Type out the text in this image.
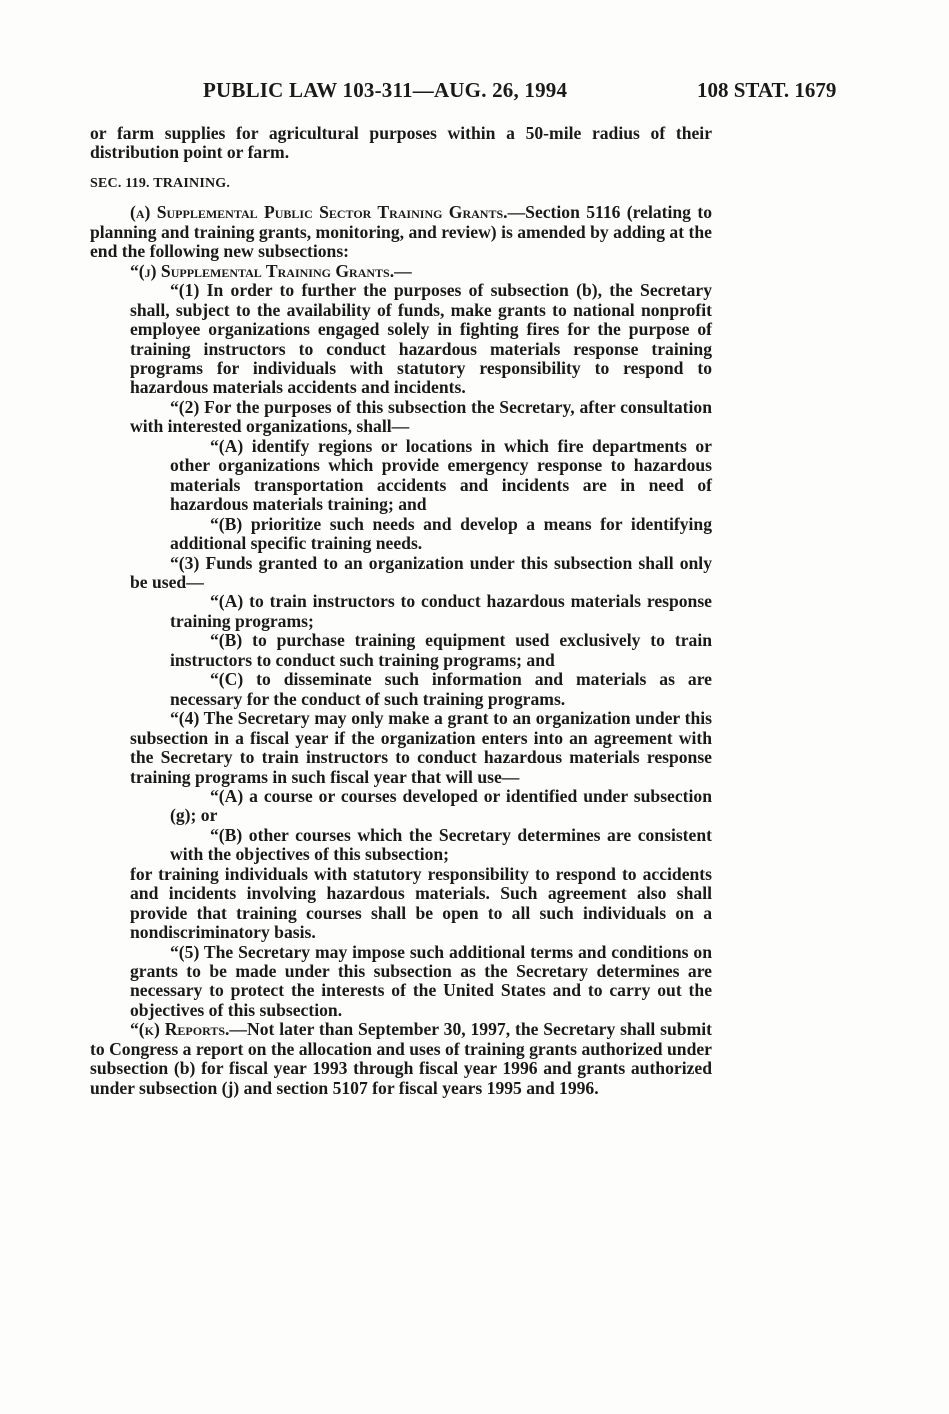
PUBLIC LAW 103-311—AUG. 26, 1994	108 STAT. 1679

or farm supplies for agricultural purposes within a 50-mile radius of their distribution point or farm.

SEC. 119. TRAINING.

(a) Supplemental Public Sector Training Grants.—Section 5116 (relating to planning and training grants, monitoring, and review) is amended by adding at the end the following new subsections:

“(j) Supplemental Training Grants.—

“(1) In order to further the purposes of subsection (b), the Secretary shall, subject to the availability of funds, make grants to national nonprofit employee organizations engaged solely in fighting fires for the purpose of training instructors to conduct hazardous materials response training programs for individuals with statutory responsibility to respond to hazardous materials accidents and incidents.

“(2) For the purposes of this subsection the Secretary, after consultation with interested organizations, shall—

“(A) identify regions or locations in which fire departments or other organizations which provide emergency response to hazardous materials transportation accidents and incidents are in need of hazardous materials training; and

“(B) prioritize such needs and develop a means for identifying additional specific training needs.

“(3) Funds granted to an organization under this subsection shall only be used—

“(A) to train instructors to conduct hazardous materials response training programs;

“(B) to purchase training equipment used exclusively to train instructors to conduct such training programs; and

“(C) to disseminate such information and materials as are necessary for the conduct of such training programs.

“(4) The Secretary may only make a grant to an organization under this subsection in a fiscal year if the organization enters into an agreement with the Secretary to train instructors to conduct hazardous materials response training programs in such fiscal year that will use—

“(A) a course or courses developed or identified under subsection (g); or

“(B) other courses which the Secretary determines are consistent with the objectives of this subsection;

for training individuals with statutory responsibility to respond to accidents and incidents involving hazardous materials. Such agreement also shall provide that training courses shall be open to all such individuals on a nondiscriminatory basis.

“(5) The Secretary may impose such additional terms and conditions on grants to be made under this subsection as the Secretary determines are necessary to protect the interests of the United States and to carry out the objectives of this subsection.

“(k) Reports.—Not later than September 30, 1997, the Secretary shall submit to Congress a report on the allocation and uses of training grants authorized under subsection (b) for fiscal year 1993 through fiscal year 1996 and grants authorized under subsection (j) and section 5107 for fiscal years 1995 and 1996.
